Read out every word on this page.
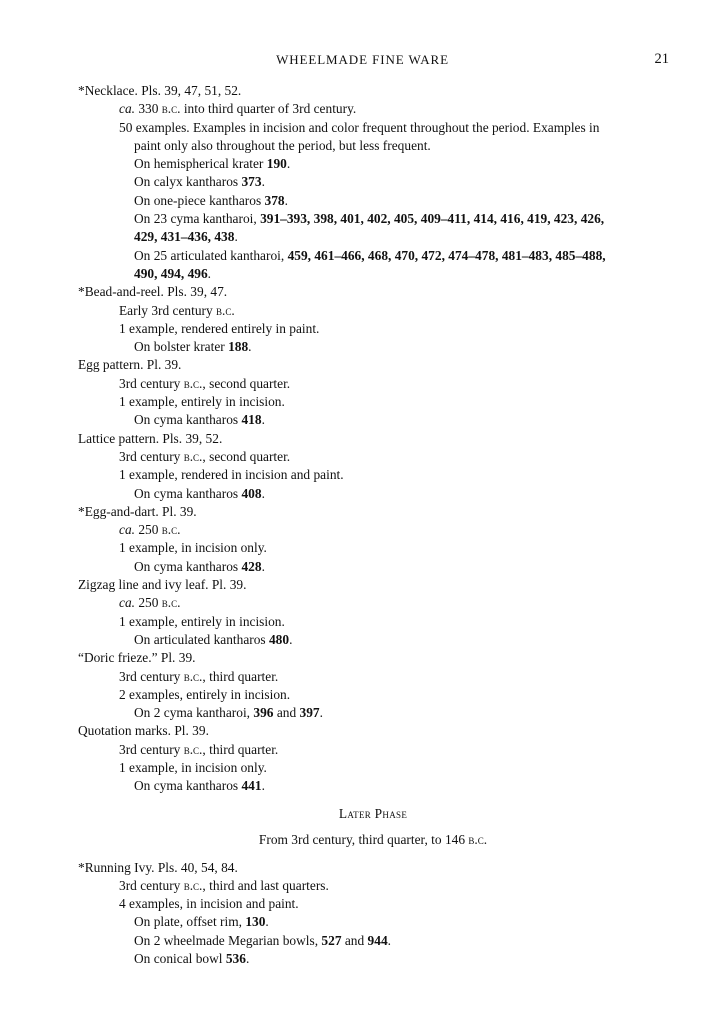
WHEELMADE FINE WARE	21
*Necklace. Pls. 39, 47, 51, 52.
ca. 330 b.c. into third quarter of 3rd century.
50 examples. Examples in incision and color frequent throughout the period. Examples in
paint only also throughout the period, but less frequent.
On hemispherical krater 190.
On calyx kantharos 373.
On one-piece kantharos 378.
On 23 cyma kantharoi, 391–393, 398, 401, 402, 405, 409–411, 414, 416, 419, 423, 426,
429, 431–436, 438.
On 25 articulated kantharoi, 459, 461–466, 468, 470, 472, 474–478, 481–483, 485–488,
490, 494, 496.
*Bead-and-reel. Pls. 39, 47.
Early 3rd century b.c.
1 example, rendered entirely in paint.
On bolster krater 188.
Egg pattern. Pl. 39.
3rd century b.c., second quarter.
1 example, entirely in incision.
On cyma kantharos 418.
Lattice pattern. Pls. 39, 52.
3rd century b.c., second quarter.
1 example, rendered in incision and paint.
On cyma kantharos 408.
*Egg-and-dart. Pl. 39.
ca. 250 b.c.
1 example, in incision only.
On cyma kantharos 428.
Zigzag line and ivy leaf. Pl. 39.
ca. 250 b.c.
1 example, entirely in incision.
On articulated kantharos 480.
“Doric frieze.” Pl. 39.
3rd century b.c., third quarter.
2 examples, entirely in incision.
On 2 cyma kantharoi, 396 and 397.
Quotation marks. Pl. 39.
3rd century b.c., third quarter.
1 example, in incision only.
On cyma kantharos 441.
Later Phase
From 3rd century, third quarter, to 146 b.c.
*Running Ivy. Pls. 40, 54, 84.
3rd century b.c., third and last quarters.
4 examples, in incision and paint.
On plate, offset rim, 130.
On 2 wheelmade Megarian bowls, 527 and 944.
On conical bowl 536.
